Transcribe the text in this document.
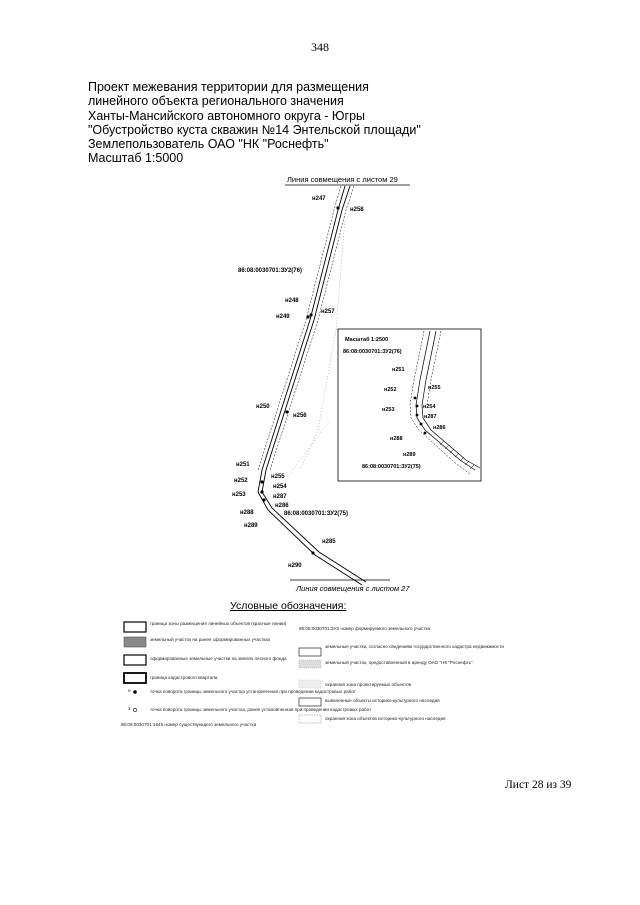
348
Проект межевания территории для размещения
линейного объекта регионального значения
Ханты-Мансийского автономного округа - Югры
"Обустройство куста скважин №14 Энтельской площади"
Землепользователь ОАО "НК "Роснефть"
Масштаб 1:5000
Линия совмещения с листом 29
Линия совмещения с листом 27
н247
н258
н248
н257
н249
н250
н256
н251
н255
н252
н254
н253	н287
н286
н288
н289
н285
н290
86:08:0030701:ЗУ2(76)
86:08:0030701:ЗУ2(75)
Масштаб 1:2500
86:08:0030701:ЗУ2(76)
н251
н252	н255
н253	н254
н287
н288
н286
н289
86:08:0030701:ЗУ2(75)
Условные обозначения:
граница зоны размещения линейных объектов (красные линии)
земельный участок на ранее сформированных участках
сформированные земельные участки на землях лесного фонда
граница кадастрового квартала
точка поворота границы земельного участка установленная при проведении кадастровых работ
точка поворота границы земельного участка, ранее установленная при проведении кадастровых работ
86:08:0030701:1845 номер существующего земельного участка
н
1
86:08:0030701:ЗУ2 номер формируемого земельного участка
земельные участки, согласно сведениям государственного кадастра недвижимости
земельный участок, предоставленный в аренду ОАО "НК "Роснефть"
охранная зона проектируемых объектов
выявленные объекты историко-культурного наследия
охранная зона объектов историко-культурного наследия
Лист 28 из 39
